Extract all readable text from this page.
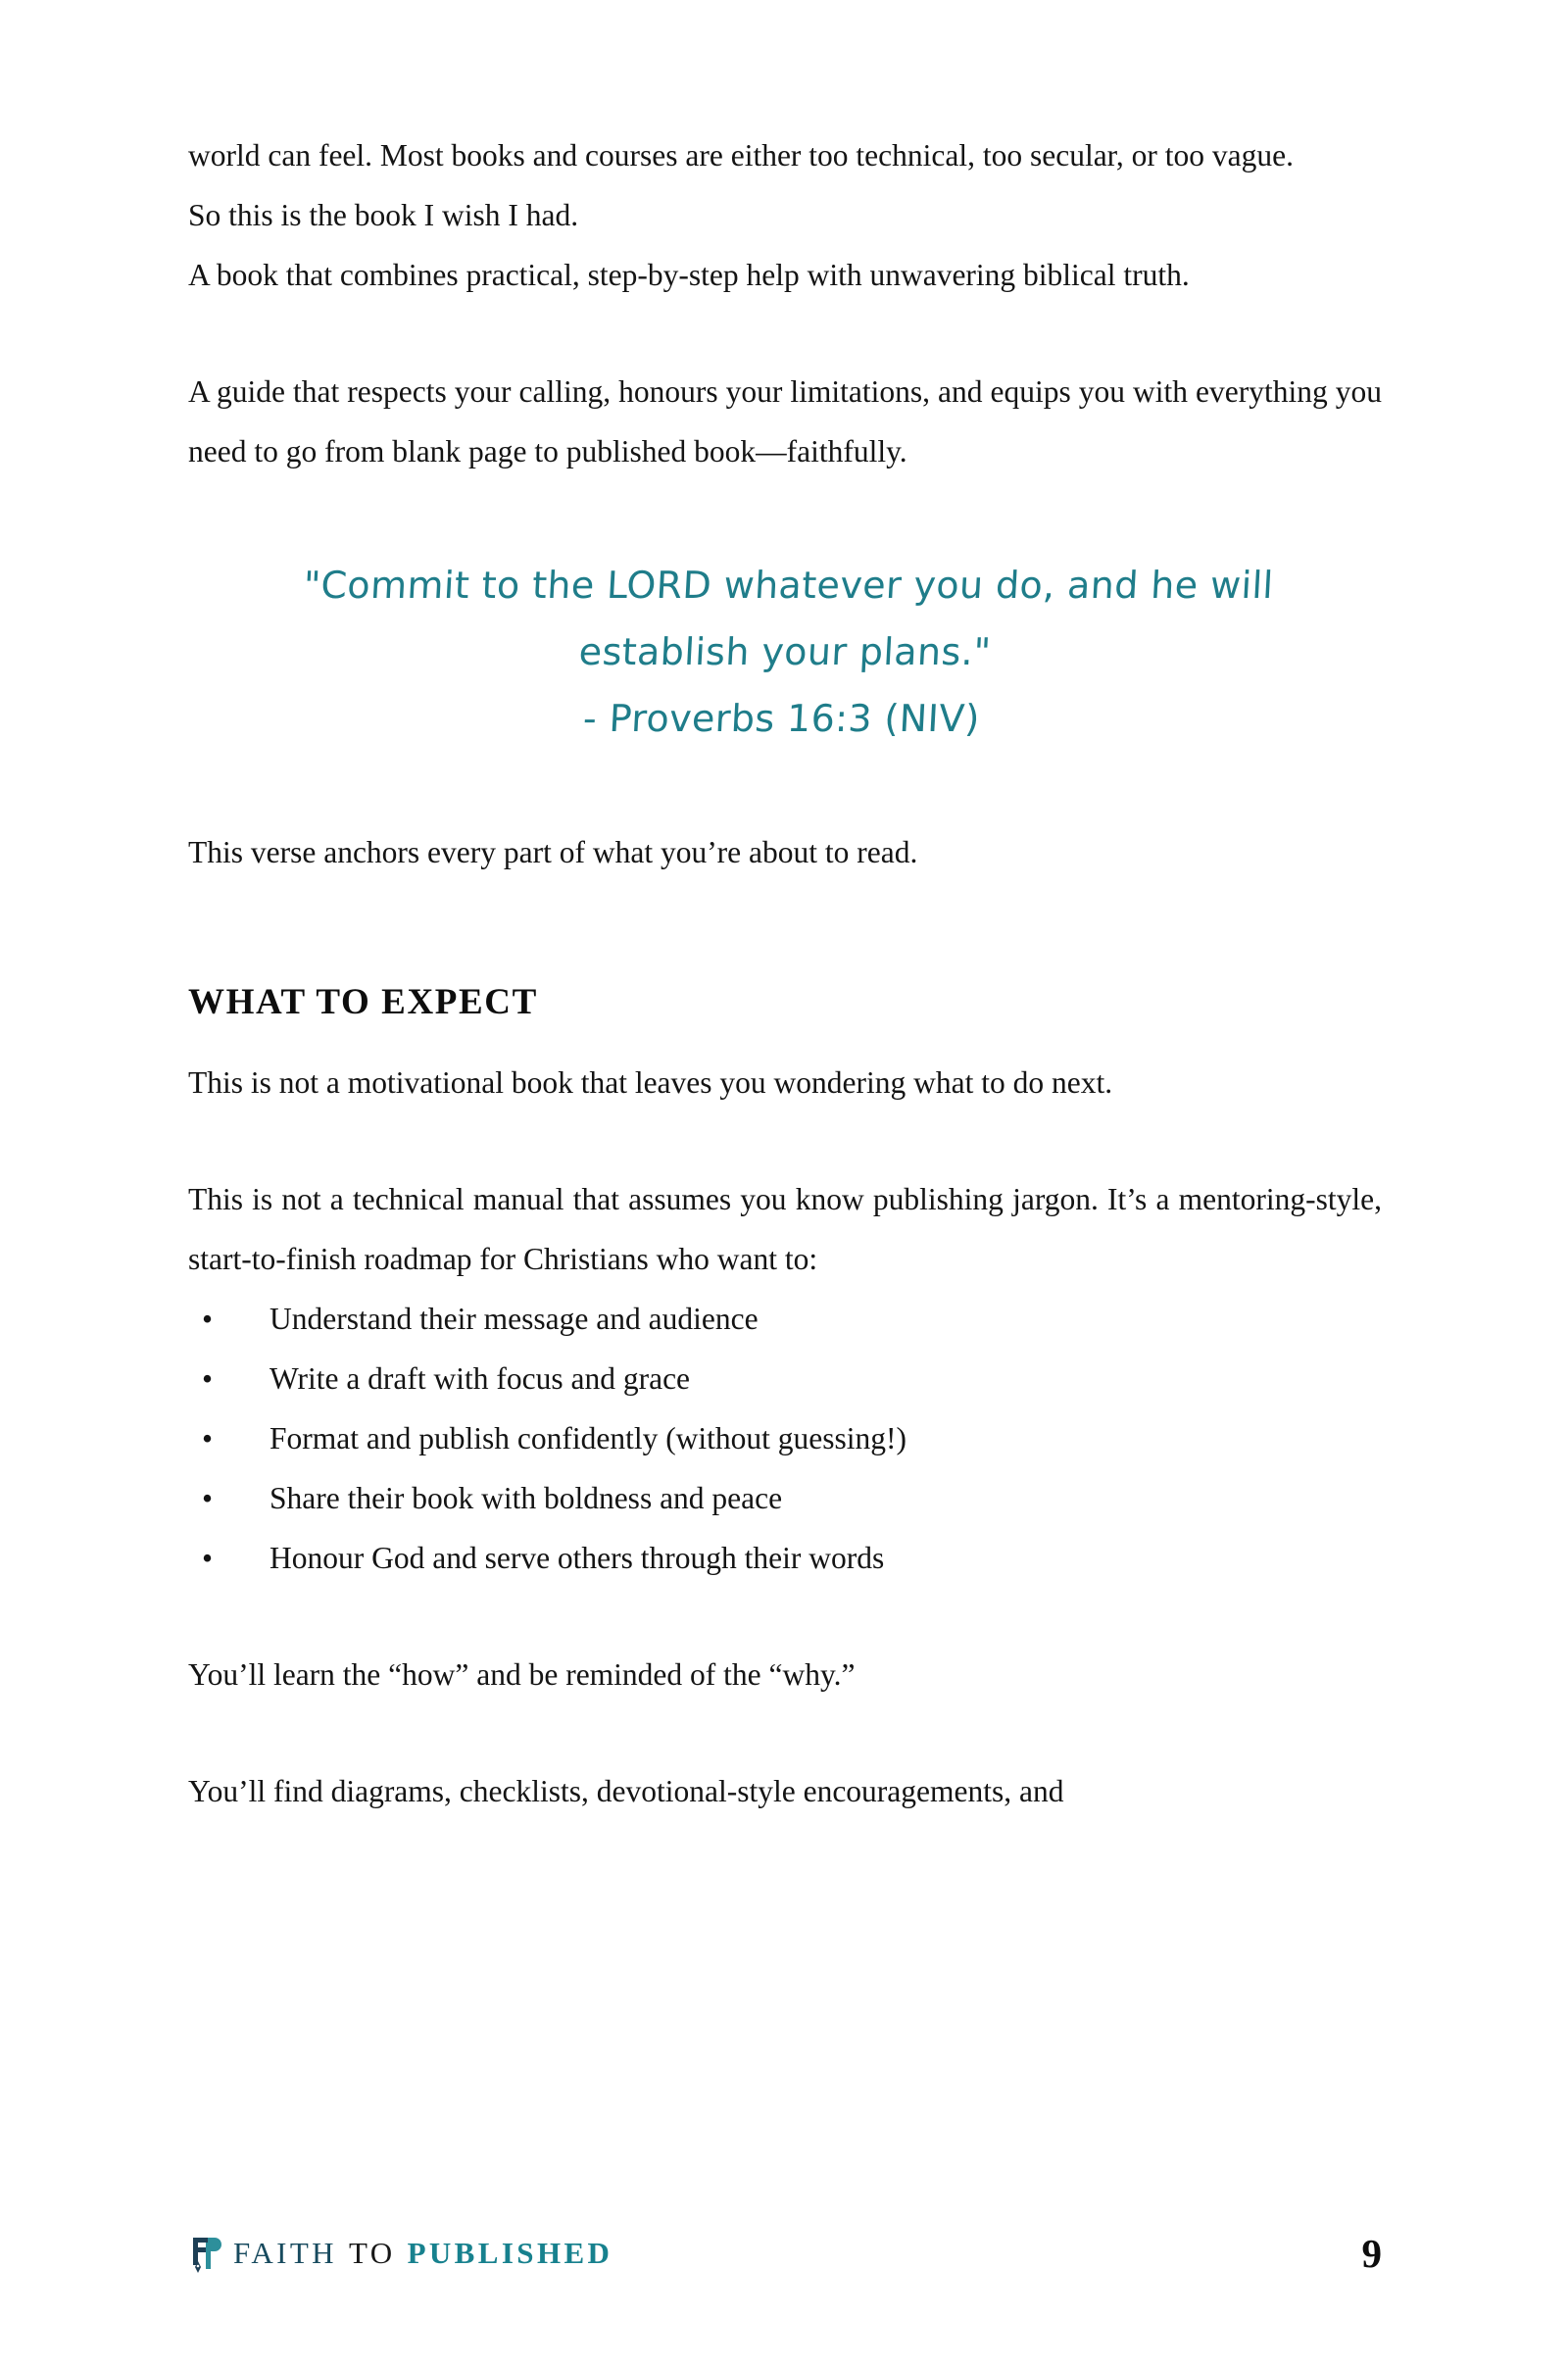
world can feel. Most books and courses are either too technical, too secular, or too vague.

So this is the book I wish I had.

A book that combines practical, step-by-step help with unwavering biblical truth.

A guide that respects your calling, honours your limitations, and equips you with everything you need to go from blank page to published book—faithfully.

"Commit to the LORD whatever you do, and he will
establish your plans."
- Proverbs 16:3 (NIV)

This verse anchors every part of what you’re about to read.

WHAT TO EXPECT

This is not a motivational book that leaves you wondering what to do next.

This is not a technical manual that assumes you know publishing jargon. It’s a mentoring-style, start-to-finish roadmap for Christians who want to:

• Understand their message and audience
• Write a draft with focus and grace
• Format and publish confidently (without guessing!)
• Share their book with boldness and peace
• Honour God and serve others through their words

You’ll learn the “how” and be reminded of the “why.”

You’ll find diagrams, checklists, devotional-style encouragements, and

FAITH TO PUBLISHED	9
